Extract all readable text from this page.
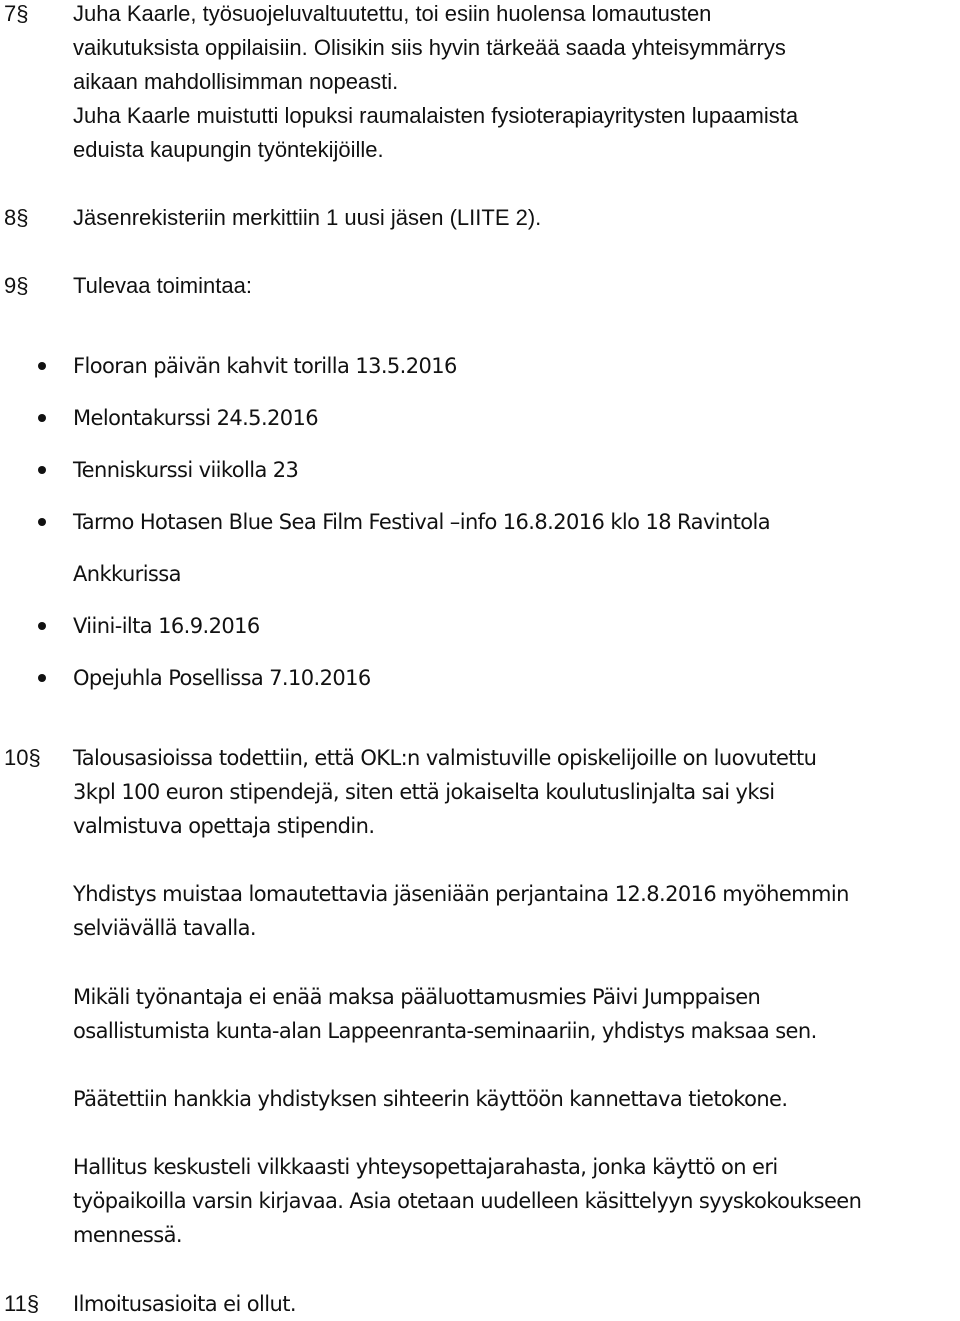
7§ Juha Kaarle, työsuojeluvaltuutettu, toi esiin huolensa lomautusten
vaikutuksista oppilaisiin. Olisikin siis hyvin tärkeää saada yhteisymmärrys
aikaan mahdollisimman nopeasti.
Juha Kaarle muistutti lopuksi raumalaisten fysioterapiayritysten lupaamista
eduista kaupungin työntekijöille.
8§ Jäsenrekisteriin merkittiin 1 uusi jäsen (LIITE 2).
9§ Tulevaa toimintaa:
Flooran päivän kahvit torilla 13.5.2016
Melontakurssi 24.5.2016
Tenniskurssi viikolla 23
Tarmo Hotasen Blue Sea Film Festival –info 16.8.2016 klo 18 Ravintola
Ankkurissa
Viini-ilta 16.9.2016
Opejuhla Posellissa 7.10.2016
10§ Talousasioissa todettiin, että OKL:n valmistuville opiskelijoille on luovutettu
3kpl 100 euron stipendejä, siten että jokaiselta koulutuslinjalta sai yksi
valmistuva opettaja stipendin.
Yhdistys muistaa lomautettavia jäseniään perjantaina 12.8.2016 myöhemmin
selviävällä tavalla.
Mikäli työnantaja ei enää maksa pääluottamusmies Päivi Jumppaisen
osallistumista kunta-alan Lappeenranta-seminaariin, yhdistys maksaa sen.
Päätettiin hankkia yhdistyksen sihteerin käyttöön kannettava tietokone.
Hallitus keskusteli vilkkaasti yhteysopettajarahasta, jonka käyttö on eri
työpaikoilla varsin kirjavaa. Asia otetaan uudelleen käsittelyyn syyskokoukseen
mennessä.
11§ Ilmoitusasioita ei ollut.
